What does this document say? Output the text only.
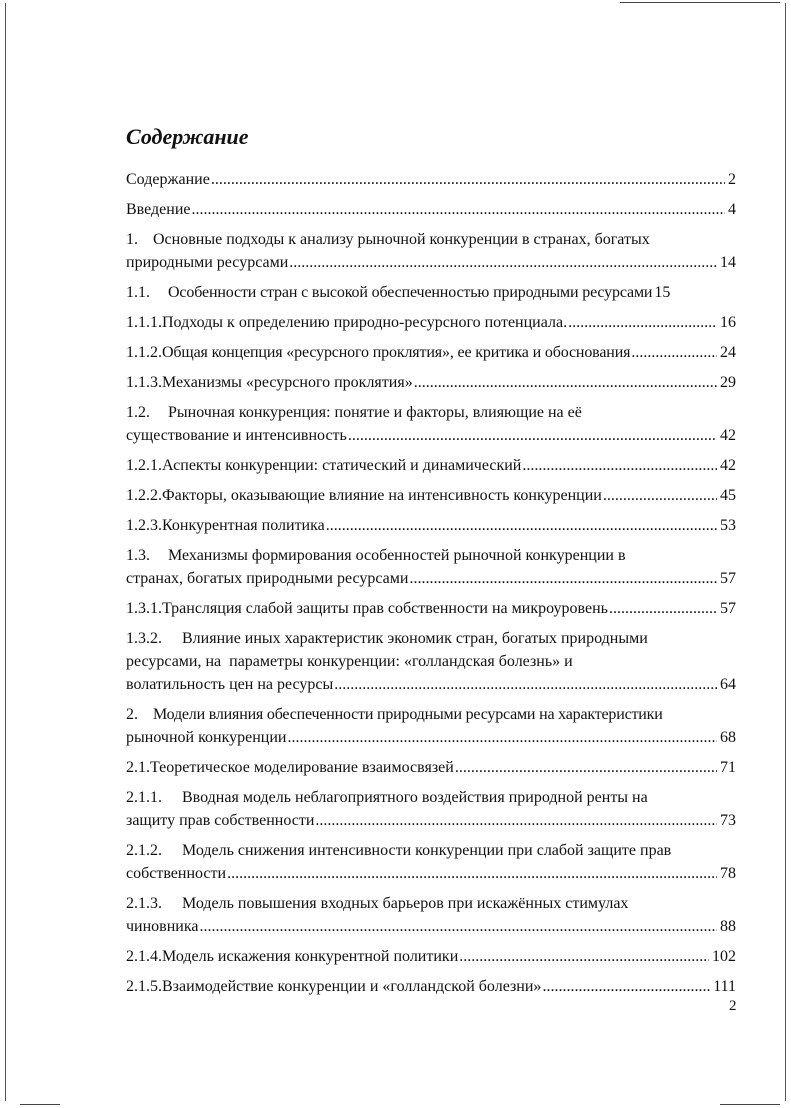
Содержание
Содержание .....	2
Введение .....	4
1. Основные подходы к анализу рыночной конкуренции в странах, богатых
природными ресурсами .....	14
1.1.	Особенности стран с высокой обеспеченностью природными ресурсами 15
1.1.1. Подходы к определению природно-ресурсного потенциала. .....	16
1.1.2. Общая концепция «ресурсного проклятия», ее критика и обоснования .....	24
1.1.3. Механизмы «ресурсного проклятия» .....	29
1.2.	Рыночная конкуренция: понятие и факторы, влияющие на её
существование и интенсивность .....	42
1.2.1. Аспекты конкуренции: статический и динамический .....	42
1.2.2. Факторы, оказывающие влияние на интенсивность конкуренции .....	45
1.2.3. Конкурентная политика .....	53
1.3.	Механизмы формирования особенностей рыночной конкуренции в
странах, богатых природными ресурсами .....	57
1.3.1. Трансляция слабой защиты прав собственности на микроуровень .....	57
1.3.2.	Влияние иных характеристик экономик стран, богатых природными
ресурсами, на  параметры конкуренции: «голландская болезнь» и
волатильность цен на ресурсы .....	64
2. Модели влияния обеспеченности природными ресурсами на характеристики
рыночной конкуренции .....	68
2.1. Теоретическое моделирование взаимосвязей .....	71
2.1.1.	Вводная модель неблагоприятного воздействия природной ренты на
защиту прав собственности .....	73
2.1.2.	Модель снижения интенсивности конкуренции при слабой защите прав
собственности .....	78
2.1.3.	Модель повышения входных барьеров при искажённых стимулах
чиновника .....	88
2.1.4. Модель искажения конкурентной политики .....	102
2.1.5. Взаимодействие конкуренции и «голландской болезни» .....	111
2
